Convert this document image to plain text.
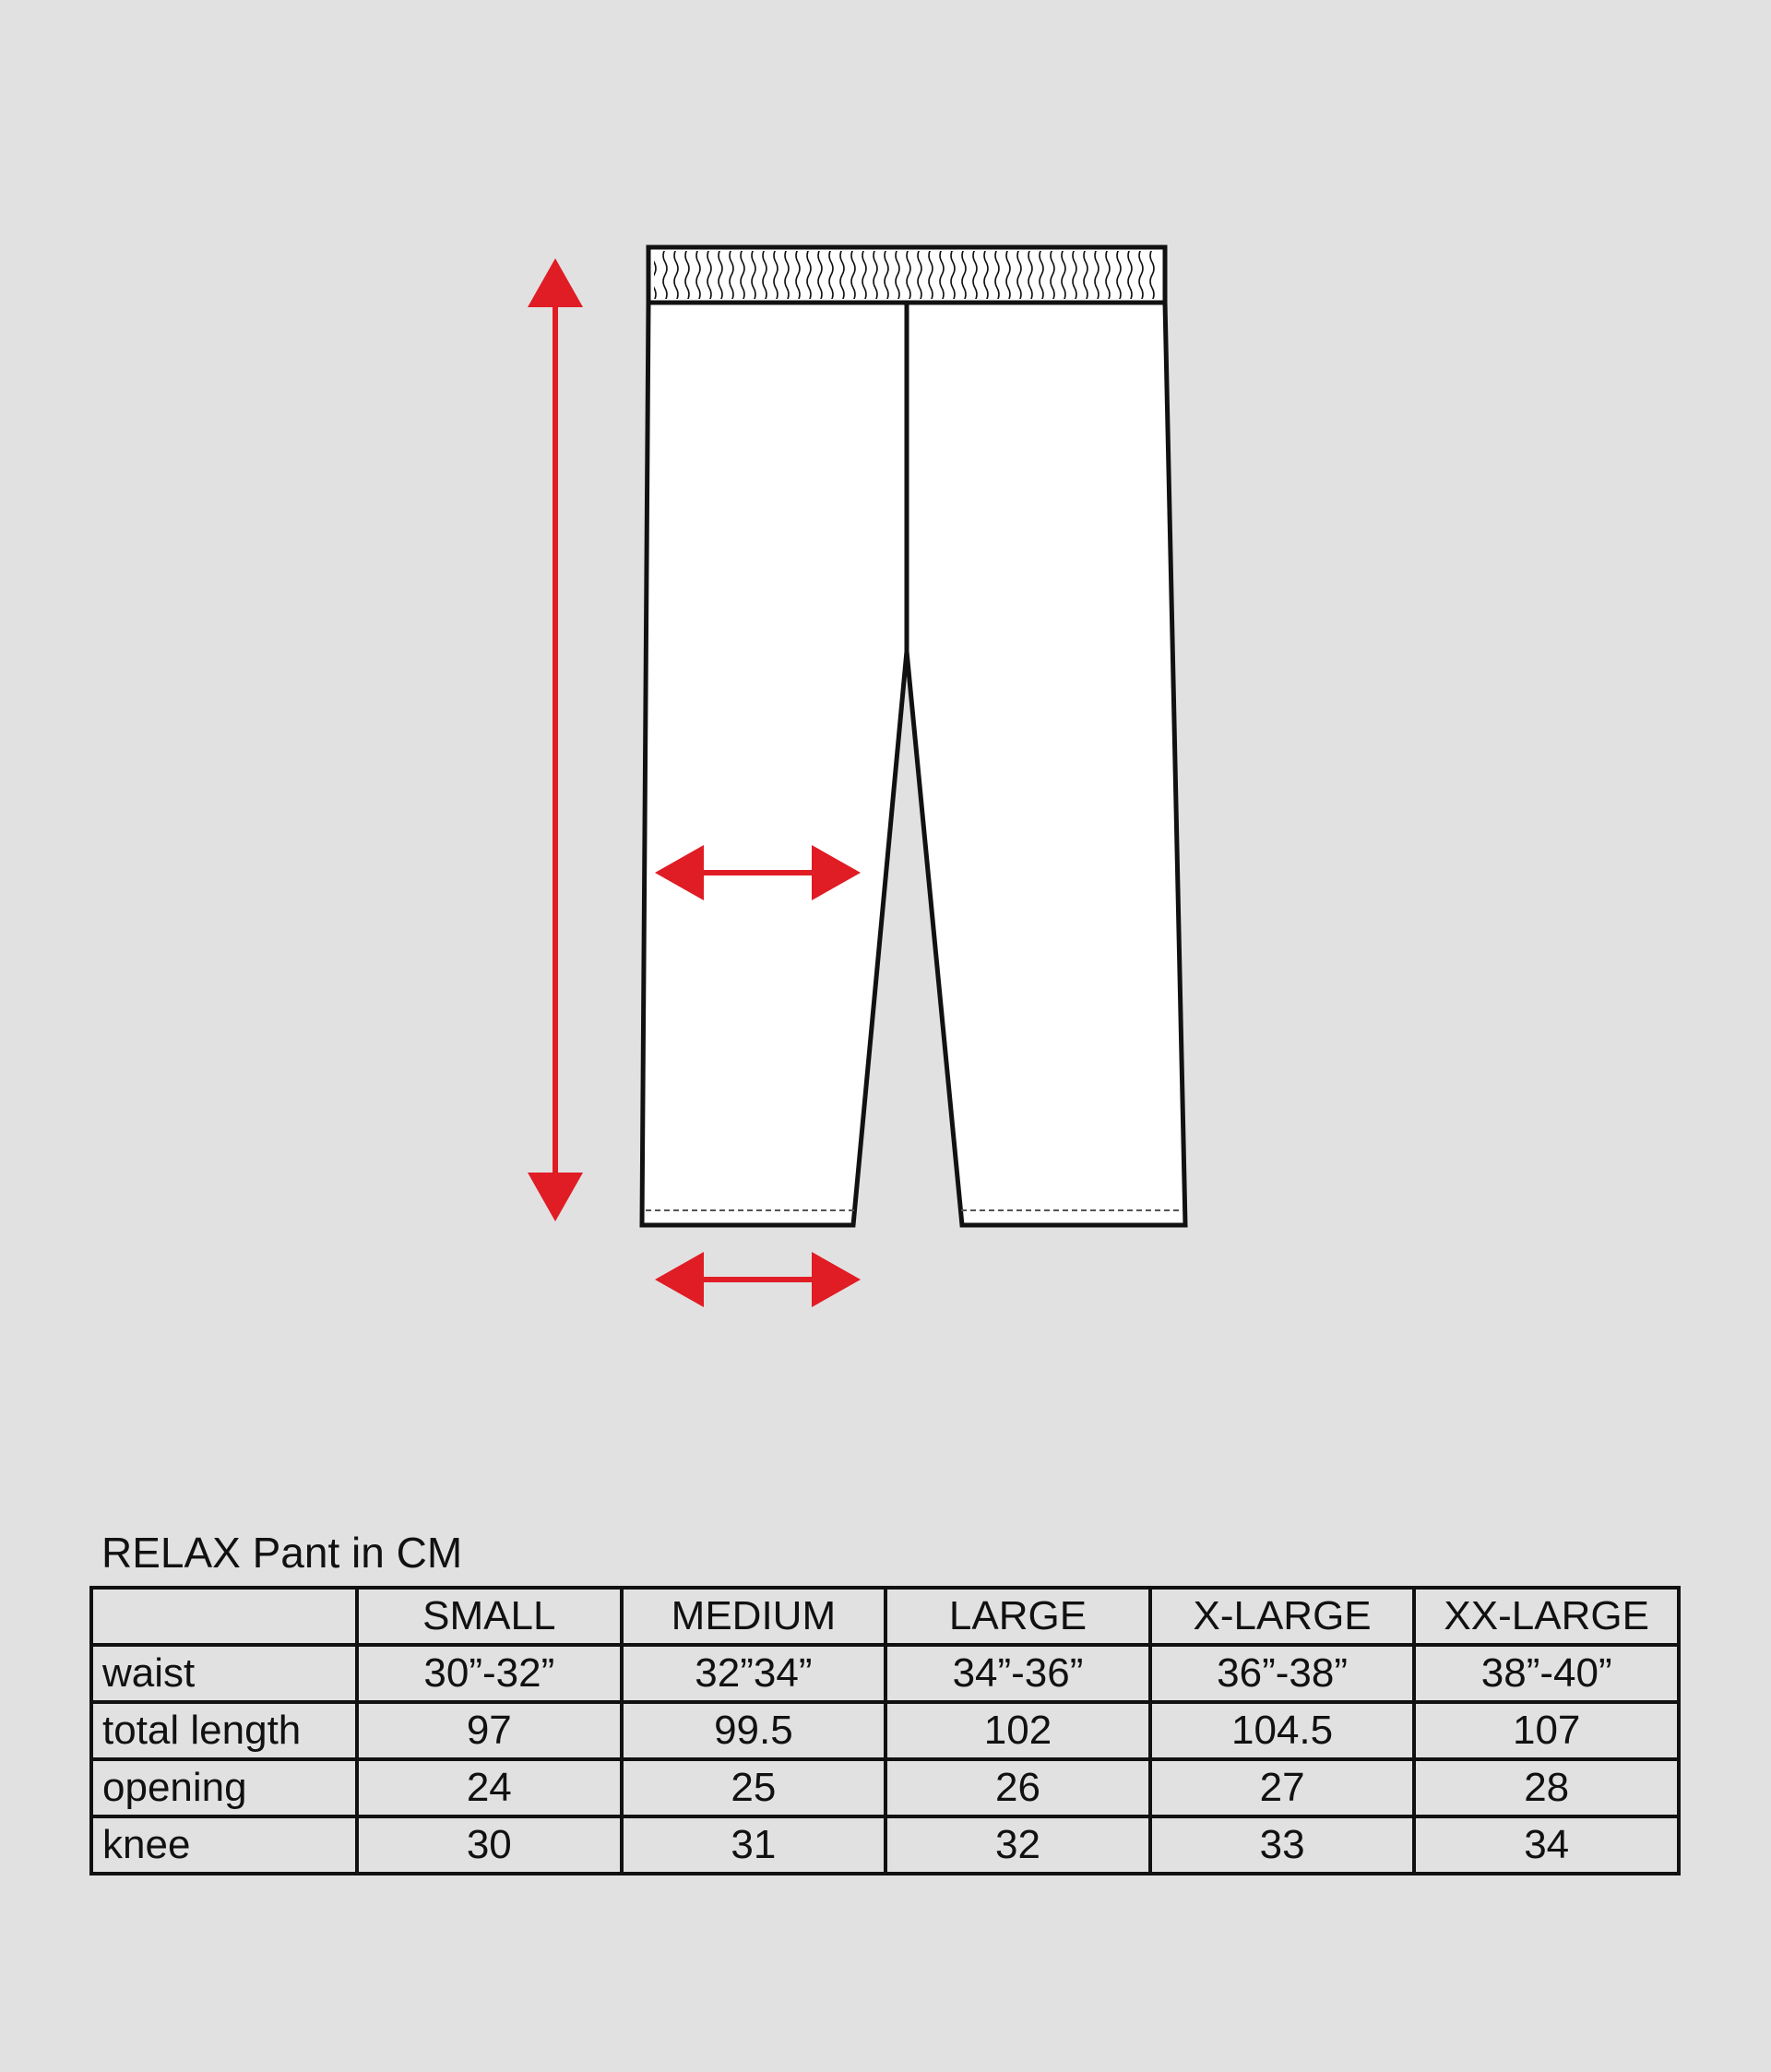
RELAX Pant in CM
	SMALL	MEDIUM	LARGE	X-LARGE	XX-LARGE
waist	30”-32”	32”34”	34”-36”	36”-38”	38”-40”
total length	97	99.5	102	104.5	107
opening	24	25	26	27	28
knee	30	31	32	33	34
